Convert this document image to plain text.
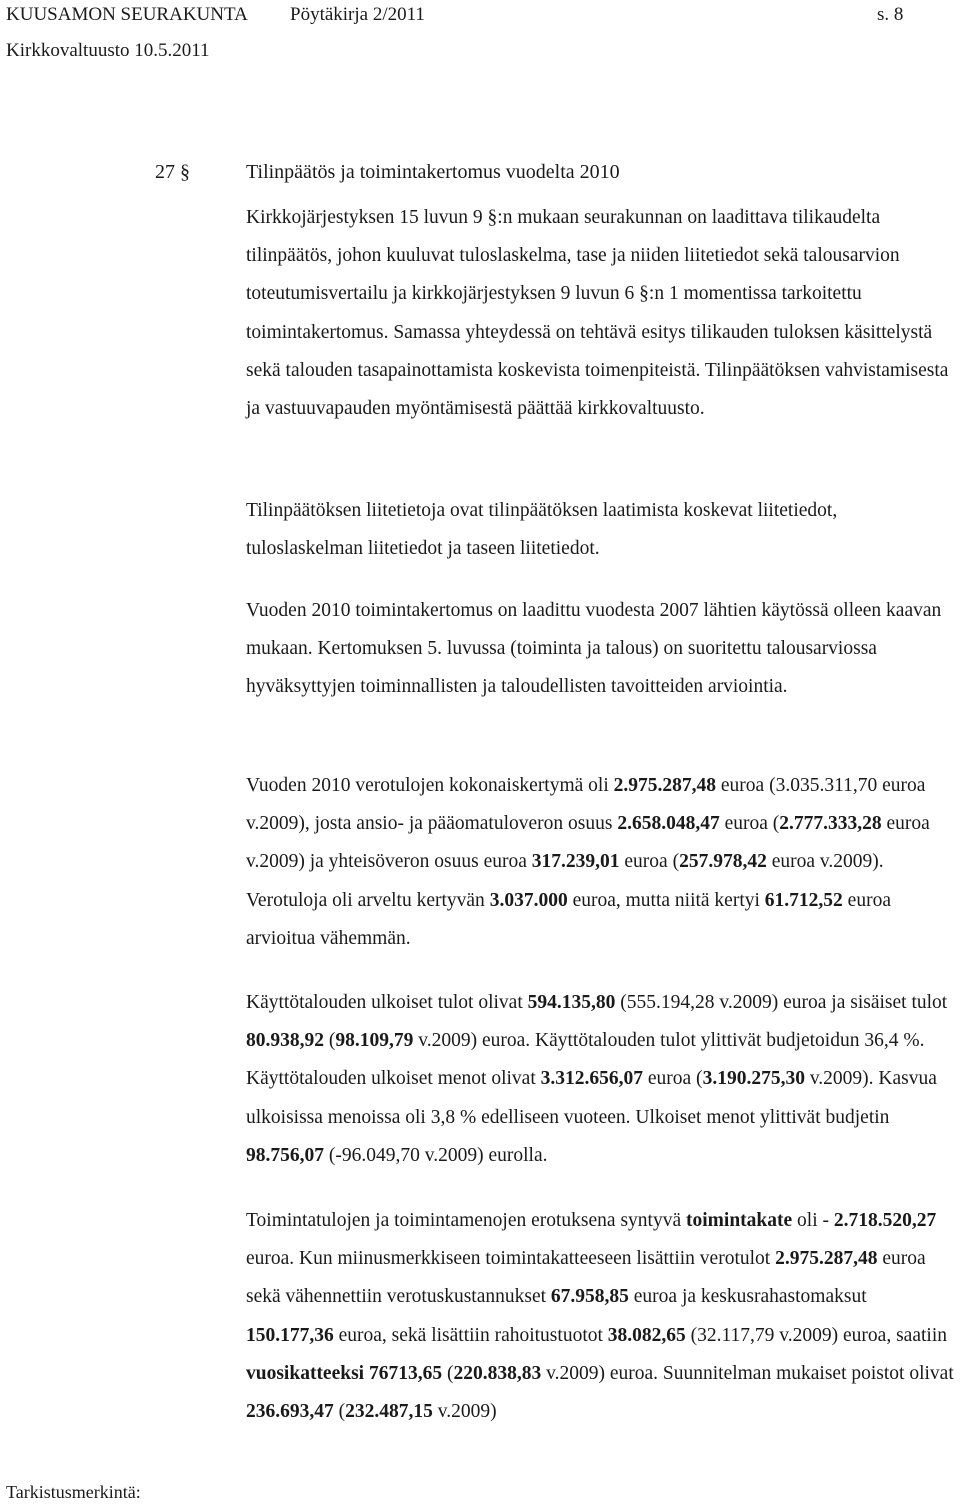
KUUSAMON SEURAKUNTA Pöytäkirja 2/2011	s. 8
Kirkkovaltuusto 10.5.2011
27 §	Tilinpäätös ja toimintakertomus vuodelta 2010

Kirkkojärjestyksen 15 luvun 9 §:n mukaan seurakunnan on laadittava tilikaudelta tilinpäätös, johon kuuluvat tuloslaskelma, tase ja niiden liitetiedot sekä talousarvion toteutumisvertailu ja kirkkojärjestyksen 9 luvun 6 §:n 1 momentissa tarkoitettu toimintakertomus. Samassa yhteydessä on tehtävä esitys tilikauden tuloksen käsittelystä sekä talouden tasapainottamista koskevista toimenpiteistä. Tilinpäätöksen vahvistamisesta ja vastuuvapauden myöntämisestä päättää kirkkovaltuusto.

Tilinpäätöksen liitetietoja ovat tilinpäätöksen laatimista koskevat liitetiedot, tuloslaskelman liitetiedot ja taseen liitetiedot.

Vuoden 2010 toimintakertomus on laadittu vuodesta 2007 lähtien käytössä olleen kaavan mukaan. Kertomuksen 5. luvussa (toiminta ja talous) on suoritettu talousarviossa hyväksyttyjen toiminnallisten ja taloudellisten tavoitteiden arviointia.

Vuoden 2010 verotulojen kokonaiskertymä oli 2.975.287,48 euroa (3.035.311,70 euroa v.2009), josta ansio- ja pääomatuloveron osuus 2.658.048,47 euroa (2.777.333,28 euroa v.2009) ja yhteisöveron osuus euroa 317.239,01 euroa (257.978,42 euroa v.2009). Verotuloja oli arveltu kertyvän 3.037.000 euroa, mutta niitä kertyi 61.712,52 euroa arvioitua vähemmän.

Käyttötalouden ulkoiset tulot olivat 594.135,80 (555.194,28 v.2009) euroa ja sisäiset tulot 80.938,92 (98.109,79 v.2009) euroa. Käyttötalouden tulot ylittivät budjetoidun 36,4 %. Käyttötalouden ulkoiset menot olivat 3.312.656,07 euroa (3.190.275,30 v.2009). Kasvua ulkoisissa menoissa oli 3,8 % edelliseen vuoteen. Ulkoiset menot ylittivät budjetin 98.756,07 (-96.049,70 v.2009) eurolla.

Toimintatulojen ja toimintamenojen erotuksena syntyvä toimintakate oli - 2.718.520,27 euroa. Kun miinusmerkkiseen toimintakatteeseen lisättiin verotulot 2.975.287,48 euroa sekä vähennettiin verotuskustannukset 67.958,85 euroa ja keskusrahastomaksut 150.177,36 euroa, sekä lisättiin rahoitustuotot 38.082,65 (32.117,79 v.2009) euroa, saatiin vuosikatteeksi 76713,65 (220.838,83 v.2009) euroa. Suunnitelman mukaiset poistot olivat 236.693,47 (232.487,15 v.2009)

Tarkistusmerkintä:
